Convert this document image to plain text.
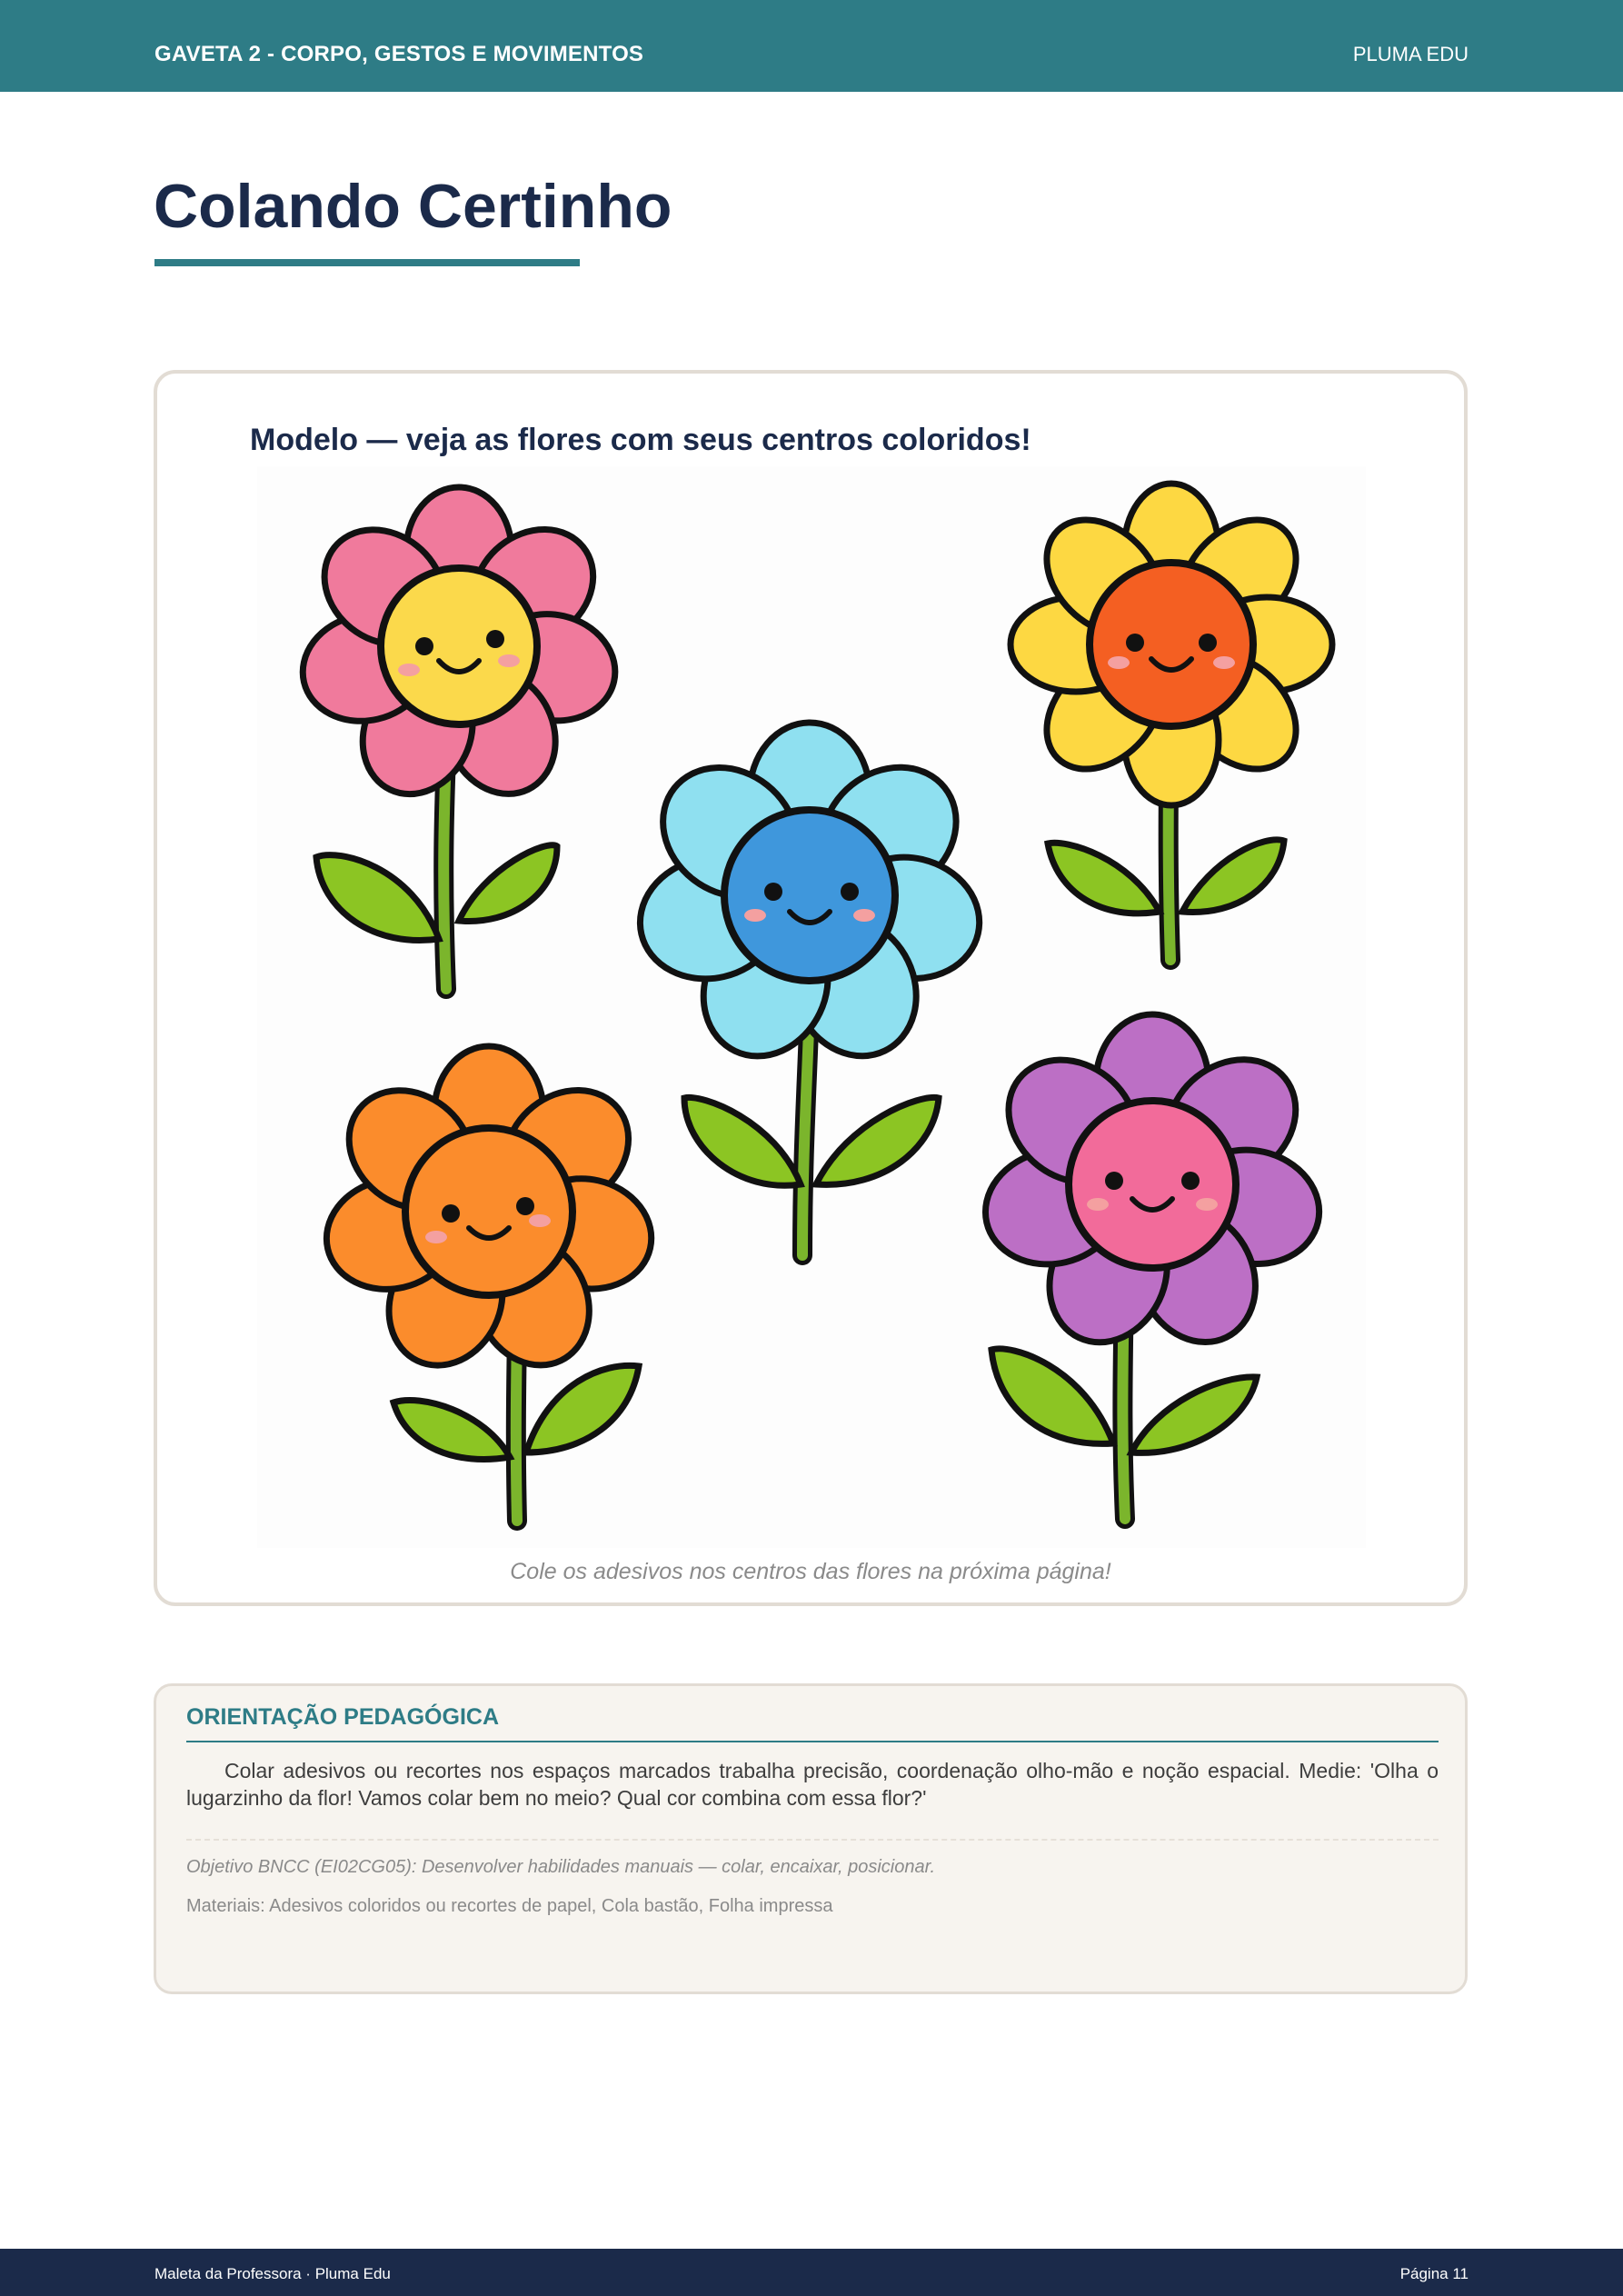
GAVETA 2 - CORPO, GESTOS E MOVIMENTOS	PLUMA EDU
Colando Certinho
Modelo — veja as flores com seus centros coloridos!
Cole os adesivos nos centros das flores na próxima página!
ORIENTAÇÃO PEDAGÓGICA

Colar adesivos ou recortes nos espaços marcados trabalha precisão, coordenação olho-mão e noção espacial. Medie: 'Olha o lugarzinho da flor! Vamos colar bem no meio? Qual cor combina com essa flor?'

Objetivo BNCC (EI02CG05): Desenvolver habilidades manuais — colar, encaixar, posicionar.
Materiais: Adesivos coloridos ou recortes de papel, Cola bastão, Folha impressa
Maleta da Professora · Pluma Edu	Página 11
